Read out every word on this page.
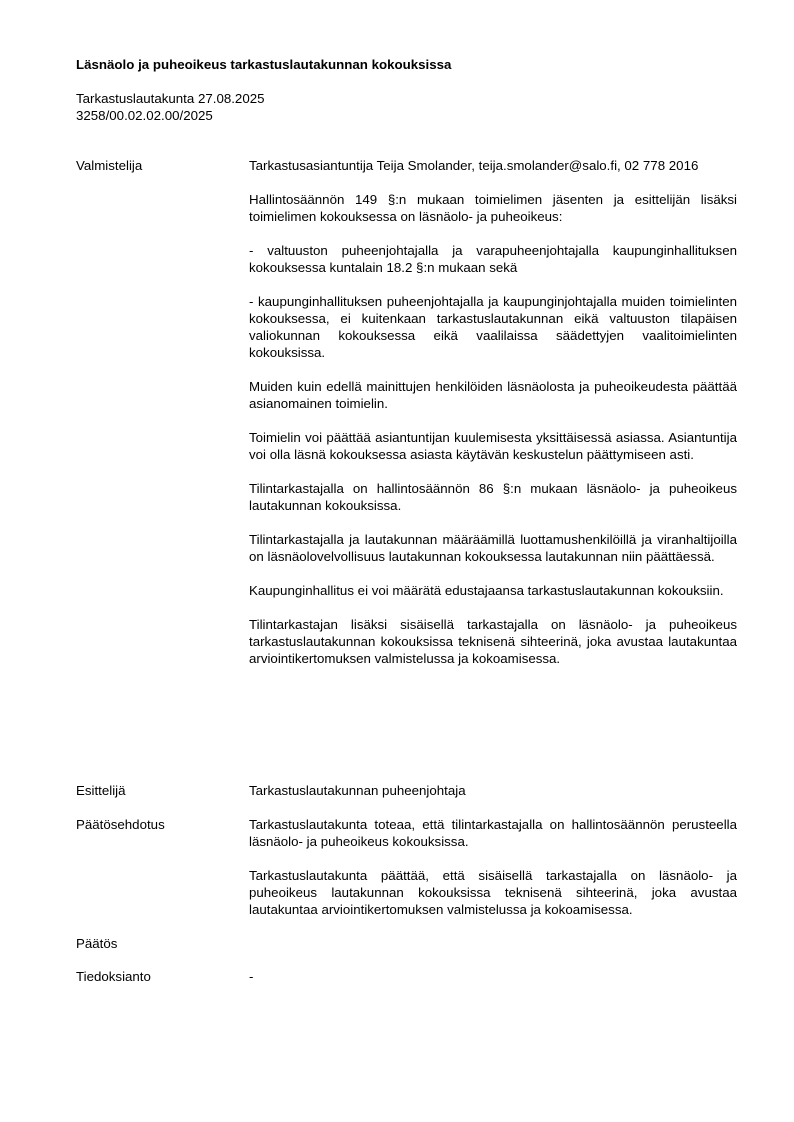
Läsnäolo ja puheoikeus tarkastuslautakunnan kokouksissa
Tarkastuslautakunta 27.08.2025
3258/00.02.02.00/2025
Valmistelija	Tarkastusasiantuntija Teija Smolander, teija.smolander@salo.fi, 02 778 2016

Hallintosäännön 149 §:n mukaan toimielimen jäsenten ja esittelijän lisäksi toimielimen kokouksessa on läsnäolo- ja puheoikeus:

- valtuuston puheenjohtajalla ja varapuheenjohtajalla kaupunginhallituksen kokouksessa kuntalain 18.2 §:n mukaan sekä

- kaupunginhallituksen puheenjohtajalla ja kaupunginjohtajalla muiden toimielinten kokouksessa, ei kuitenkaan tarkastuslautakunnan eikä valtuuston tilapäisen valiokunnan kokouksessa eikä vaalilaissa säädettyjen vaalitoimielinten kokouksissa.

Muiden kuin edellä mainittujen henkilöiden läsnäolosta ja puheoikeudesta päättää asianomainen toimielin.

Toimielin voi päättää asiantuntijan kuulemisesta yksittäisessä asiassa. Asiantuntija voi olla läsnä kokouksessa asiasta käytävän keskustelun päättymiseen asti.

Tilintarkastajalla on hallintosäännön 86 §:n mukaan läsnäolo- ja puheoikeus lautakunnan kokouksissa.

Tilintarkastajalla ja lautakunnan määräämillä luottamushenkilöillä ja viranhaltijoilla on läsnäolovelvollisuus lautakunnan kokouksessa lautakunnan niin päättäessä.

Kaupunginhallitus ei voi määrätä edustajaansa tarkastuslautakunnan kokouksiin.

Tilintarkastajan lisäksi sisäisellä tarkastajalla on läsnäolo- ja puheoikeus tarkastuslautakunnan kokouksissa teknisenä sihteerinä, joka avustaa lautakuntaa arviointikertomuksen valmistelussa ja kokoamisessa.

Esittelijä	Tarkastuslautakunnan puheenjohtaja

Päätösehdotus	Tarkastuslautakunta toteaa, että tilintarkastajalla on hallintosäännön perusteella läsnäolo- ja puheoikeus kokouksissa.

Tarkastuslautakunta päättää, että sisäisellä tarkastajalla on läsnäolo- ja puheoikeus lautakunnan kokouksissa teknisenä sihteerinä, joka avustaa lautakuntaa arviointikertomuksen valmistelussa ja kokoamisessa.

Päätös
Tiedoksianto	-
